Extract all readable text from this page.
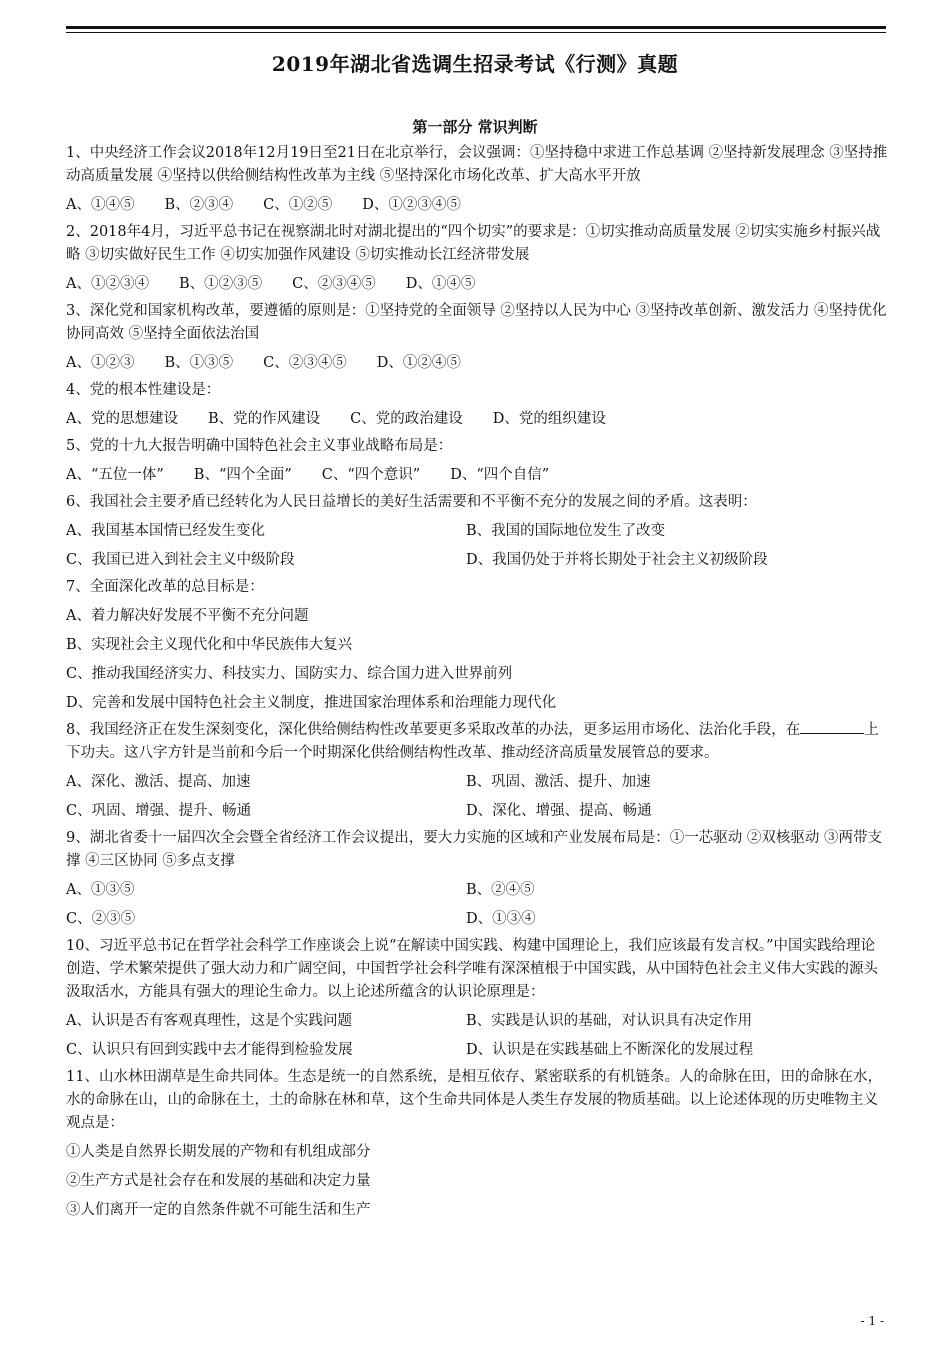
2019年湖北省选调生招录考试《行测》真题
第一部分 常识判断

1、中央经济工作会议2018年12月19日至21日在北京举行，会议强调：①坚持稳中求进工作总基调 ②坚持新发展理念 ③坚持推动高质量发展 ④坚持以供给侧结构性改革为主线 ⑤坚持深化市场化改革、扩大高水平开放

A、①④⑤ B、②③④ C、①②⑤ D、①②③④⑤

2、2018年4月，习近平总书记在视察湖北时对湖北提出的“四个切实”的要求是：①切实推动高质量发展 ②切实实施乡村振兴战略 ③切实做好民生工作 ④切实加强作风建设 ⑤切实推动长江经济带发展

A、①②③④ B、①②③⑤ C、②③④⑤ D、①④⑤

3、深化党和国家机构改革，要遵循的原则是：①坚持党的全面领导 ②坚持以人民为中心 ③坚持改革创新、激发活力 ④坚持优化协同高效 ⑤坚持全面依法治国

A、①②③ B、①③⑤ C、②③④⑤ D、①②④⑤

4、党的根本性建设是：

A、党的思想建设 B、党的作风建设 C、党的政治建设 D、党的组织建设

5、党的十九大报告明确中国特色社会主义事业战略布局是：

A、“五位一体” B、“四个全面” C、“四个意识” D、“四个自信”

6、我国社会主要矛盾已经转化为人民日益增长的美好生活需要和不平衡不充分的发展之间的矛盾。这表明：

A、我国基本国情已经发生变化	B、我国的国际地位发生了改变
C、我国已进入到社会主义中级阶段	D、我国仍处于并将长期处于社会主义初级阶段

7、全面深化改革的总目标是：

A、着力解决好发展不平衡不充分问题
B、实现社会主义现代化和中华民族伟大复兴
C、推动我国经济实力、科技实力、国防实力、综合国力进入世界前列
D、完善和发展中国特色社会主义制度，推进国家治理体系和治理能力现代化

8、我国经济正在发生深刻变化，深化供给侧结构性改革要更多采取改革的办法，更多运用市场化、法治化手段，在	上下功夫。这八字方针是当前和今后一个时期深化供给侧结构性改革、推动经济高质量发展管总的要求。

A、深化、激活、提高、加速	B、巩固、激活、提升、加速
C、巩固、增强、提升、畅通	D、深化、增强、提高、畅通

9、湖北省委十一届四次全会暨全省经济工作会议提出，要大力实施的区域和产业发展布局是：①一芯驱动 ②双核驱动 ③两带支撑 ④三区协同 ⑤多点支撑

A、①③⑤	B、②④⑤
C、②③⑤	D、①③④

10、习近平总书记在哲学社会科学工作座谈会上说“在解读中国实践、构建中国理论上，我们应该最有发言权。”中国实践给理论创造、学术繁荣提供了强大动力和广阔空间，中国哲学社会科学唯有深深植根于中国实践，从中国特色社会主义伟大实践的源头汲取活水，方能具有强大的理论生命力。以上论述所蕴含的认识论原理是：

A、认识是否有客观真理性，这是个实践问题	B、实践是认识的基础，对认识具有决定作用
C、认识只有回到实践中去才能得到检验发展	D、认识是在实践基础上不断深化的发展过程

11、山水林田湖草是生命共同体。生态是统一的自然系统，是相互依存、紧密联系的有机链条。人的命脉在田，田的命脉在水，水的命脉在山，山的命脉在土，土的命脉在林和草，这个生命共同体是人类生存发展的物质基础。以上论述体现的历史唯物主义观点是：

①人类是自然界长期发展的产物和有机组成部分
②生产方式是社会存在和发展的基础和决定力量
③人们离开一定的自然条件就不可能生活和生产
- 1 -
